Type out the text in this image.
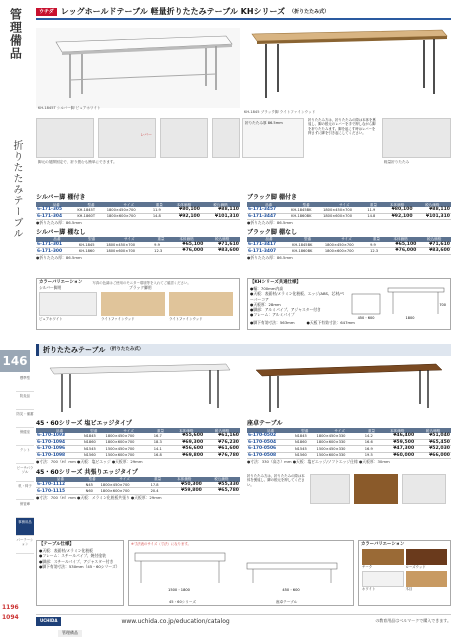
管理備品
折りたたみテーブル
146
標準型
防炎品
防災・備蓄
保健室
テント
ビーチパラソル
机・椅子
保管庫
事務用品
パーテーション
1196
1094
ウチダ レッグホールドテーブル 軽量折りたたみテーブル KHシリーズ （折りたたみ式）
KH-1845T シルバー脚 ピュアホワイト
KH-1845 ブラック脚 ライトファインウッド
レバー
折りたたみ厚 86.5mm
折りたたみ方は、折りたたみの際は本体を裏返し、脚の根元のレバーを手で押しながら脚を折りたたみます。脚を起こす時はレバーを押さずに脚を引き起こしてください。
脚元の展開固定で、折り畳むも簡単にできます。	軽量折りたたみ
シルバー脚 棚付き
品番	型番	サイズ	重量	本体価格	税込価格
6-171-305	KH-1845T	1800×450×700	11.9	¥80,100	¥88,110
6-171-304	KH-1860T	1800×600×700	14.8	¥92,100	¥101,310
●折りたたみ厚：86.5mm
シルバー脚 棚なし
品番	型番	サイズ	重量	本体価格	税込価格
6-171-301	KH-1845	1800×450×700	9.9	¥65,100	¥71,610
6-171-300	KH-1860	1800×600×700	12.3	¥76,000	¥83,600
●折りたたみ厚：86.5mm
ブラック脚 棚付き
品番	型番	サイズ	重量	本体価格	税込価格
6-171-3457	KH-1845BK	1800×450×700	11.9	¥80,100	¥88,110
6-171-3447	KH-1860BK	1800×600×700	14.8	¥92,100	¥101,310
●折りたたみ厚：86.5mm
ブラック脚 棚なし
品番	型番	サイズ	重量	本体価格	税込価格
6-171-3417	KH-1845BK	1800×450×700	9.9	¥65,100	¥71,610
6-171-3407	KH-1860BK	1800×600×700	12.3	¥76,000	¥83,600
●折りたたみ厚：86.5mm
カラーバリエーション	写真の色調はご使用のモニター環境等を入れてご確認ください。
シルバー脚用	ブラック脚用
ピュアホワイト	ライトファインウッド	ライトファインウッド
【KHシリーズ共通仕様】
●幅：700mm内高
●天板：表面材/メラミン化粧板、エッジ/ABS、芯材/ペーパーコア
●天板厚：28mm
●脚部：アルミパイプ、アジャスター付き
●フレーム：アルミパイプ
1800
450・600
700
●脚下有効寸法：563mm	●天板下有効寸法：647mm
折りたたみテーブル （折りたたみ式）
45・60シリーズ 塩ビエッジタイプ
品番	型番	サイズ	重量	本体価格	税込価格
6-170-1093	N1845	1800×450×700	16.7	¥55,600	¥61,160
6-170-1094	N1860	1800×600×700	18.3	¥69,300	¥76,230
6-170-1096	N1545	1500×450×700	14.1	¥56,600	¥61,600
6-170-1098	N1560	1500×600×700	16.8	¥69,800	¥76,780
●寸法：700（H）mm ●天板：塩ビエッジ ●天板厚：29mm
45・60シリーズ 共張りエッジタイプ
品番	型番	サイズ	重量	本体価格	税込価格
6-170-1112	N45	1800×450×700	17.8	¥50,300	¥55,330
6-170-1115	N60	1800×600×700	20.4	¥59,800	¥65,780
●寸法：700（H）mm ●天板：メラミン化粧板共張り ●天板厚：29mm
座卓テーブル
品番	型番	サイズ	重量	本体価格	税込価格
6-170-0502	N1845	1800×450×330	14.2	¥46,400	¥51,040
6-170-0504	N1860	1800×600×330	16.6	¥59,500	¥65,450
6-170-0506	N1545	1500×450×330	16.9	¥47,300	¥52,030
6-170-0508	N1560	1500×600×330	19.5	¥60,000	¥66,000
●寸法：330（高さ）mm ●天板：塩ビエッジ/ソフトエッジ仕様 ●天板厚：30mm
折りたたみ方は、折りたたみの際は本体を裏返し、脚の根元を押してください。
【テーブル仕様】
●天板：表面材/メラミン化粧板
●フレーム：スチールパイプ、焼付塗装
●脚部：スチールパイプ、アジャスター付き
●脚下有効寸法：530mm（45・60シリーズ）
※寸法表のサイズ（寸法）になります。
1500・1800	450・600
45・60シリーズ	座卓テーブル
カラーバリエーション
チーク	ローズウッド
ホワイト	木目
UCHIDA	www.uchida.co.jp/education/catalog	の教育用品はベルマークで購入できます。
管理備品
